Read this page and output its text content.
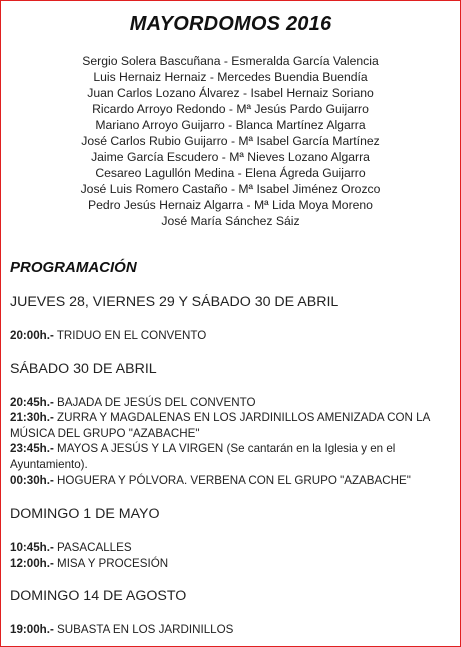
MAYORDOMOS 2016
Sergio Solera Bascuñana - Esmeralda García Valencia
Luis Hernaiz Hernaiz - Mercedes Buendia Buendía
Juan Carlos Lozano Álvarez - Isabel Hernaiz Soriano
Ricardo Arroyo Redondo - Mª Jesús Pardo Guijarro
Mariano Arroyo Guijarro - Blanca Martínez Algarra
José Carlos Rubio Guijarro - Mª Isabel García Martínez
Jaime García Escudero - Mª Nieves Lozano Algarra
Cesareo Lagullón Medina - Elena Ágreda Guijarro
José Luis Romero Castaño - Mª Isabel Jiménez Orozco
Pedro Jesús Hernaiz Algarra - Mª Lida Moya Moreno
José María Sánchez Sáiz
PROGRAMACIÓN
JUEVES 28, VIERNES 29 Y SÁBADO 30 DE ABRIL
20:00h.- TRIDUO EN EL CONVENTO
SÁBADO 30 DE ABRIL
20:45h.- BAJADA DE JESÚS DEL CONVENTO
21:30h.- ZURRA Y MAGDALENAS EN LOS JARDINILLOS AMENIZADA CON LA MÚSICA DEL GRUPO "AZABACHE"
23:45h.- MAYOS A JESÚS Y LA VIRGEN (Se cantarán en la Iglesia y en el Ayuntamiento).
00:30h.- HOGUERA Y PÓLVORA. VERBENA CON EL GRUPO "AZABACHE"
DOMINGO 1 DE MAYO
10:45h.- PASACALLES
12:00h.- MISA Y PROCESIÓN
DOMINGO 14 DE AGOSTO
19:00h.- SUBASTA EN LOS JARDINILLOS
